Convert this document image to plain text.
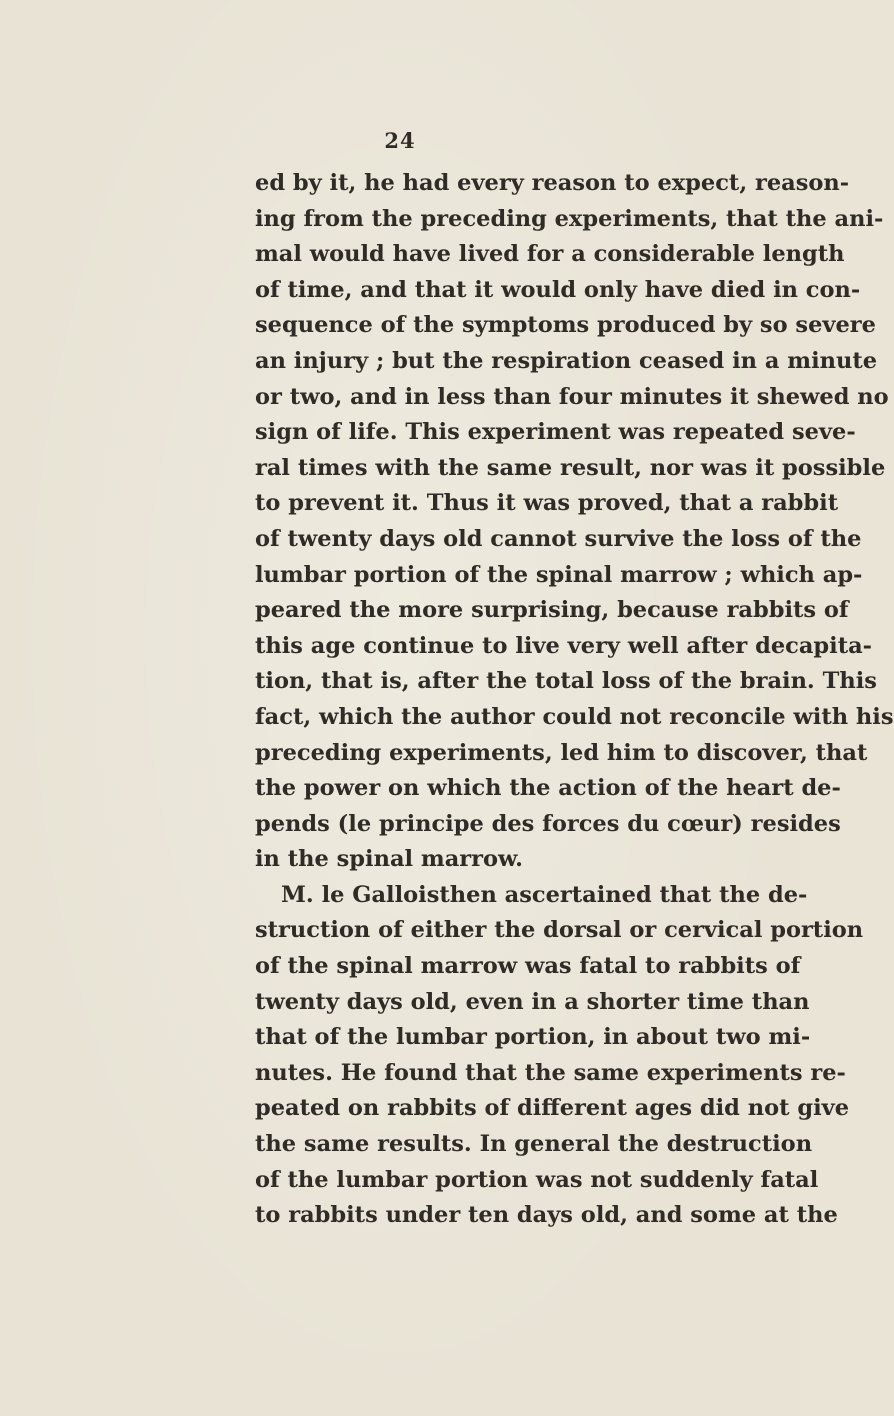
24
ed by it, he had every reason to expect, reason-
ing from the preceding experiments, that the ani-
mal would have lived for a considerable length
of time, and that it would only have died in con-
sequence of the symptoms produced by so severe
an injury ; but the respiration ceased in a minute
or two, and in less than four minutes it shewed no
sign of life. This experiment was repeated seve-
ral times with the same result, nor was it possible
to prevent it. Thus it was proved, that a rabbit
of twenty days old cannot survive the loss of the
lumbar portion of the spinal marrow ; which ap-
peared the more surprising, because rabbits of
this age continue to live very well after decapita-
tion, that is, after the total loss of the brain. This
fact, which the author could not reconcile with his
preceding experiments, led him to discover, that
the power on which the action of the heart de-
pends (le principe des forces du cœur) resides
in the spinal marrow.
M. le Galloisthen ascertained that the de-
struction of either the dorsal or cervical portion
of the spinal marrow was fatal to rabbits of
twenty days old, even in a shorter time than
that of the lumbar portion, in about two mi-
nutes. He found that the same experiments re-
peated on rabbits of different ages did not give
the same results. In general the destruction
of the lumbar portion was not suddenly fatal
to rabbits under ten days old, and some at the
